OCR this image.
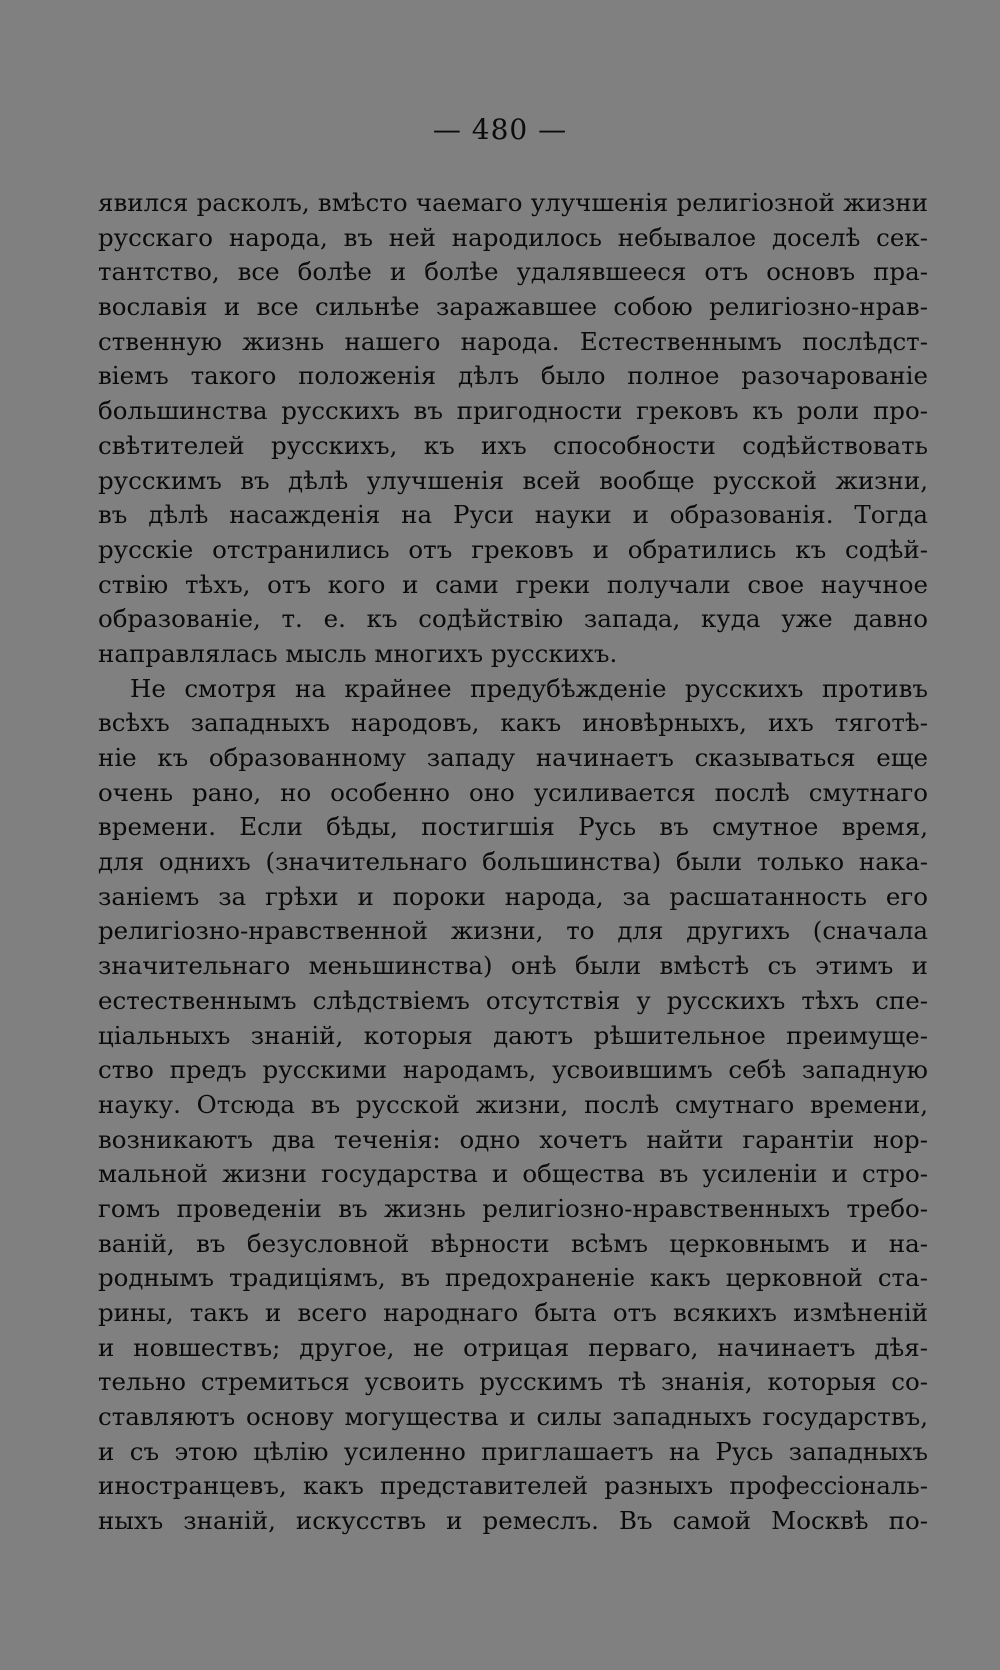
— 480 —
явился расколъ, вмѣсто чаемаго улучшенія религіозной жизни
русскаго народа, въ ней народилось небывалое доселѣ сек-
тантство, все болѣе и болѣе удалявшееся отъ основъ пра-
вославія и все сильнѣе заражавшее собою религіозно-нрав-
ственную жизнь нашего народа. Естественнымъ послѣдст-
віемъ такого положенія дѣлъ было полное разочарованіе
большинства русскихъ въ пригодности грековъ къ роли про-
свѣтителей русскихъ, къ ихъ способности содѣйствовать
русскимъ въ дѣлѣ улучшенія всей вообще русской жизни,
въ дѣлѣ насажденія на Руси науки и образованія. Тогда
русскіе отстранились отъ грековъ и обратились къ содѣй-
ствію тѣхъ, отъ кого и сами греки получали свое научное
образованіе, т. е. къ содѣйствію запада, куда уже давно
направлялась мысль многихъ русскихъ.
Не смотря на крайнее предубѣжденіе русскихъ противъ
всѣхъ западныхъ народовъ, какъ иновѣрныхъ, ихъ тяготѣ-
ніе къ образованному западу начинаетъ сказываться еще
очень рано, но особенно оно усиливается послѣ смутнаго
времени. Если бѣды, постигшія Русь въ смутное время,
для однихъ (значительнаго большинства) были только нака-
заніемъ за грѣхи и пороки народа, за расшатанность его
религіозно-нравственной жизни, то для другихъ (сначала
значительнаго меньшинства) онѣ были вмѣстѣ съ этимъ и
естественнымъ слѣдствіемъ отсутствія у русскихъ тѣхъ спе-
ціальныхъ знаній, которыя даютъ рѣшительное преимуще-
ство предъ русскими народамъ, усвоившимъ себѣ западную
науку. Отсюда въ русской жизни, послѣ смутнаго времени,
возникаютъ два теченія: одно хочетъ найти гарантіи нор-
мальной жизни государства и общества въ усиленіи и стро-
гомъ проведеніи въ жизнь религіозно-нравственныхъ требо-
ваній, въ безусловной вѣрности всѣмъ церковнымъ и на-
роднымъ традиціямъ, въ предохраненіе какъ церковной ста-
рины, такъ и всего народнаго быта отъ всякихъ измѣненій
и новшествъ; другое, не отрицая перваго, начинаетъ дѣя-
тельно стремиться усвоить русскимъ тѣ знанія, которыя со-
ставляютъ основу могущества и силы западныхъ государствъ,
и съ этою цѣлію усиленно приглашаетъ на Русь западныхъ
иностранцевъ, какъ представителей разныхъ профессіональ-
ныхъ знаній, искусствъ и ремеслъ. Въ самой Москвѣ по-
